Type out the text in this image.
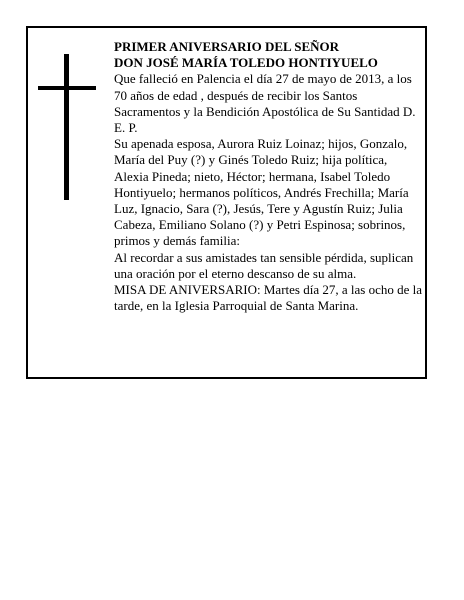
PRIMER ANIVERSARIO DEL SEÑOR

DON JOSÉ MARÍA TOLEDO HONTIYUELO

Que falleció en Palencia el día 27 de mayo de 2013, a los 70 años de edad , después de recibir los Santos Sacramentos y la Bendición Apostólica de Su Santidad D. E. P.

Su apenada esposa, Aurora Ruiz Loinaz; hijos, Gonzalo, María del Puy (?) y Ginés Toledo Ruiz; hija política, Alexia Pineda; nieto, Héctor; hermana, Isabel Toledo Hontiyuelo; hermanos políticos, Andrés Frechilla; María Luz, Ignacio, Sara (?), Jesús, Tere y Agustín Ruiz; Julia Cabeza, Emiliano Solano (?) y Petri Espinosa; sobrinos, primos y demás familia:

Al recordar a sus amistades tan sensible pérdida, suplican una oración por el eterno descanso de su alma.

MISA DE ANIVERSARIO: Martes día 27, a las ocho de la tarde, en la Iglesia Parroquial de Santa Marina.
